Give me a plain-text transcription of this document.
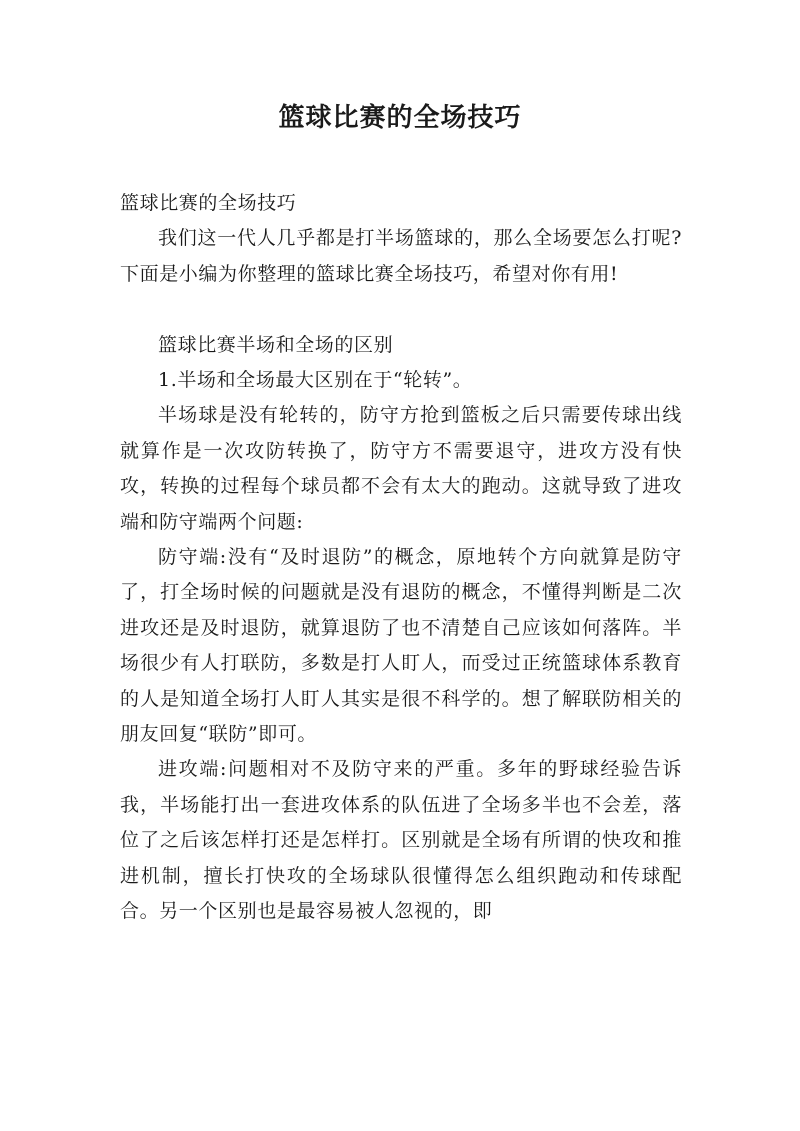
篮球比赛的全场技巧

篮球比赛的全场技巧

我们这一代人几乎都是打半场篮球的，那么全场要怎么打呢?下面是小编为你整理的篮球比赛全场技巧，希望对你有用!

篮球比赛半场和全场的区别

1.半场和全场最大区别在于“轮转”。

半场球是没有轮转的，防守方抢到篮板之后只需要传球出线就算作是一次攻防转换了，防守方不需要退守，进攻方没有快攻，转换的过程每个球员都不会有太大的跑动。这就导致了进攻端和防守端两个问题:

防守端:没有“及时退防”的概念，原地转个方向就算是防守了，打全场时候的问题就是没有退防的概念，不懂得判断是二次进攻还是及时退防，就算退防了也不清楚自己应该如何落阵。半场很少有人打联防，多数是打人盯人，而受过正统篮球体系教育的人是知道全场打人盯人其实是很不科学的。想了解联防相关的朋友回复“联防”即可。

进攻端:问题相对不及防守来的严重。多年的野球经验告诉我，半场能打出一套进攻体系的队伍进了全场多半也不会差，落位了之后该怎样打还是怎样打。区别就是全场有所谓的快攻和推进机制，擅长打快攻的全场球队很懂得怎么组织跑动和传球配合。另一个区别也是最容易被人忽视的，即
